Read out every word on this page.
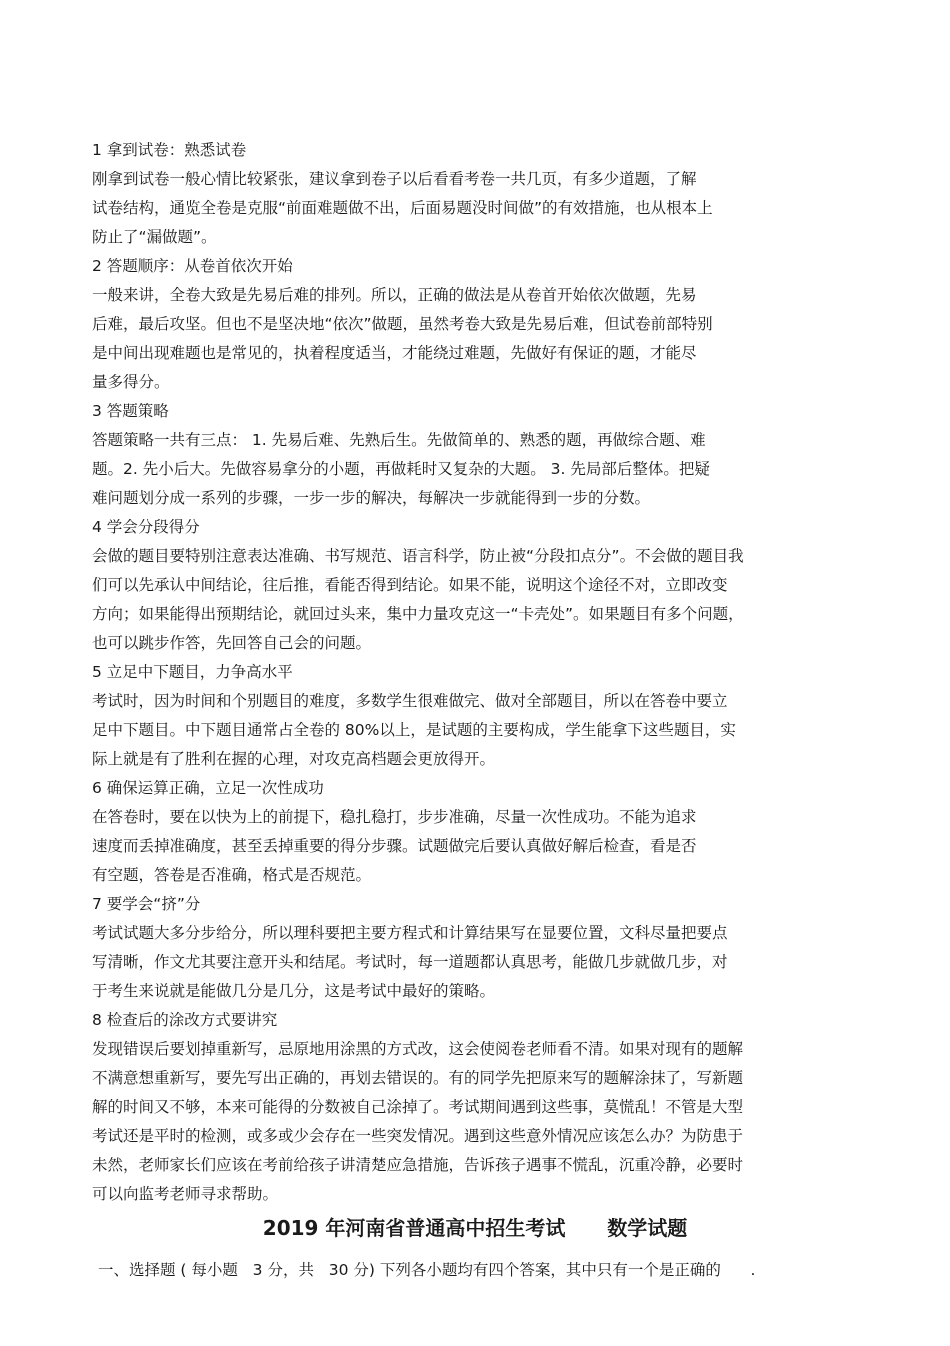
1 拿到试卷：熟悉试卷
刚拿到试卷一般心情比较紧张，建议拿到卷子以后看看考卷一共几页，有多少道题，了解
试卷结构，通览全卷是克服“前面难题做不出，后面易题没时间做”的有效措施，也从根本上
防止了“漏做题”。
2 答题顺序：从卷首依次开始
一般来讲，全卷大致是先易后难的排列。所以，正确的做法是从卷首开始依次做题，先易
后难，最后攻坚。但也不是坚决地“依次”做题，虽然考卷大致是先易后难，但试卷前部特别
是中间出现难题也是常见的，执着程度适当，才能绕过难题，先做好有保证的题，才能尽
量多得分。
3 答题策略
答题策略一共有三点： 1. 先易后难、先熟后生。先做简单的、熟悉的题，再做综合题、难
题。2. 先小后大。先做容易拿分的小题，再做耗时又复杂的大题。 3. 先局部后整体。把疑
难问题划分成一系列的步骤，一步一步的解决，每解决一步就能得到一步的分数。
4 学会分段得分
会做的题目要特别注意表达准确、书写规范、语言科学，防止被“分段扣点分”。不会做的题目我
们可以先承认中间结论，往后推，看能否得到结论。如果不能，说明这个途径不对，立即改变
方向；如果能得出预期结论，就回过头来，集中力量攻克这一“卡壳处”。如果题目有多个问题，
也可以跳步作答，先回答自己会的问题。
5 立足中下题目，力争高水平
考试时，因为时间和个别题目的难度，多数学生很难做完、做对全部题目，所以在答卷中要立
足中下题目。中下题目通常占全卷的 80%以上，是试题的主要构成，学生能拿下这些题目，实
际上就是有了胜利在握的心理，对攻克高档题会更放得开。
6 确保运算正确，立足一次性成功
在答卷时，要在以快为上的前提下，稳扎稳打，步步准确，尽量一次性成功。不能为追求
速度而丢掉准确度，甚至丢掉重要的得分步骤。试题做完后要认真做好解后检查，看是否
有空题，答卷是否准确，格式是否规范。
7 要学会“挤”分
考试试题大多分步给分，所以理科要把主要方程式和计算结果写在显要位置，文科尽量把要点
写清晰，作文尤其要注意开头和结尾。考试时，每一道题都认真思考，能做几步就做几步，对
于考生来说就是能做几分是几分，这是考试中最好的策略。
8 检查后的涂改方式要讲究
发现错误后要划掉重新写，忌原地用涂黑的方式改，这会使阅卷老师看不清。如果对现有的题解
不满意想重新写，要先写出正确的，再划去错误的。有的同学先把原来写的题解涂抹了，写新题
解的时间又不够，本来可能得的分数被自己涂掉了。考试期间遇到这些事，莫慌乱！不管是大型
考试还是平时的检测，或多或少会存在一些突发情况。遇到这些意外情况应该怎么办？为防患于
未然，老师家长们应该在考前给孩子讲清楚应急措施，告诉孩子遇事不慌乱，沉重冷静，必要时
可以向监考老师寻求帮助。
2019 年河南省普通高中招生考试      数学试题
一、选择题 ( 每小题   3 分，共   30 分) 下列各小题均有四个答案，其中只有一个是正确的      .
